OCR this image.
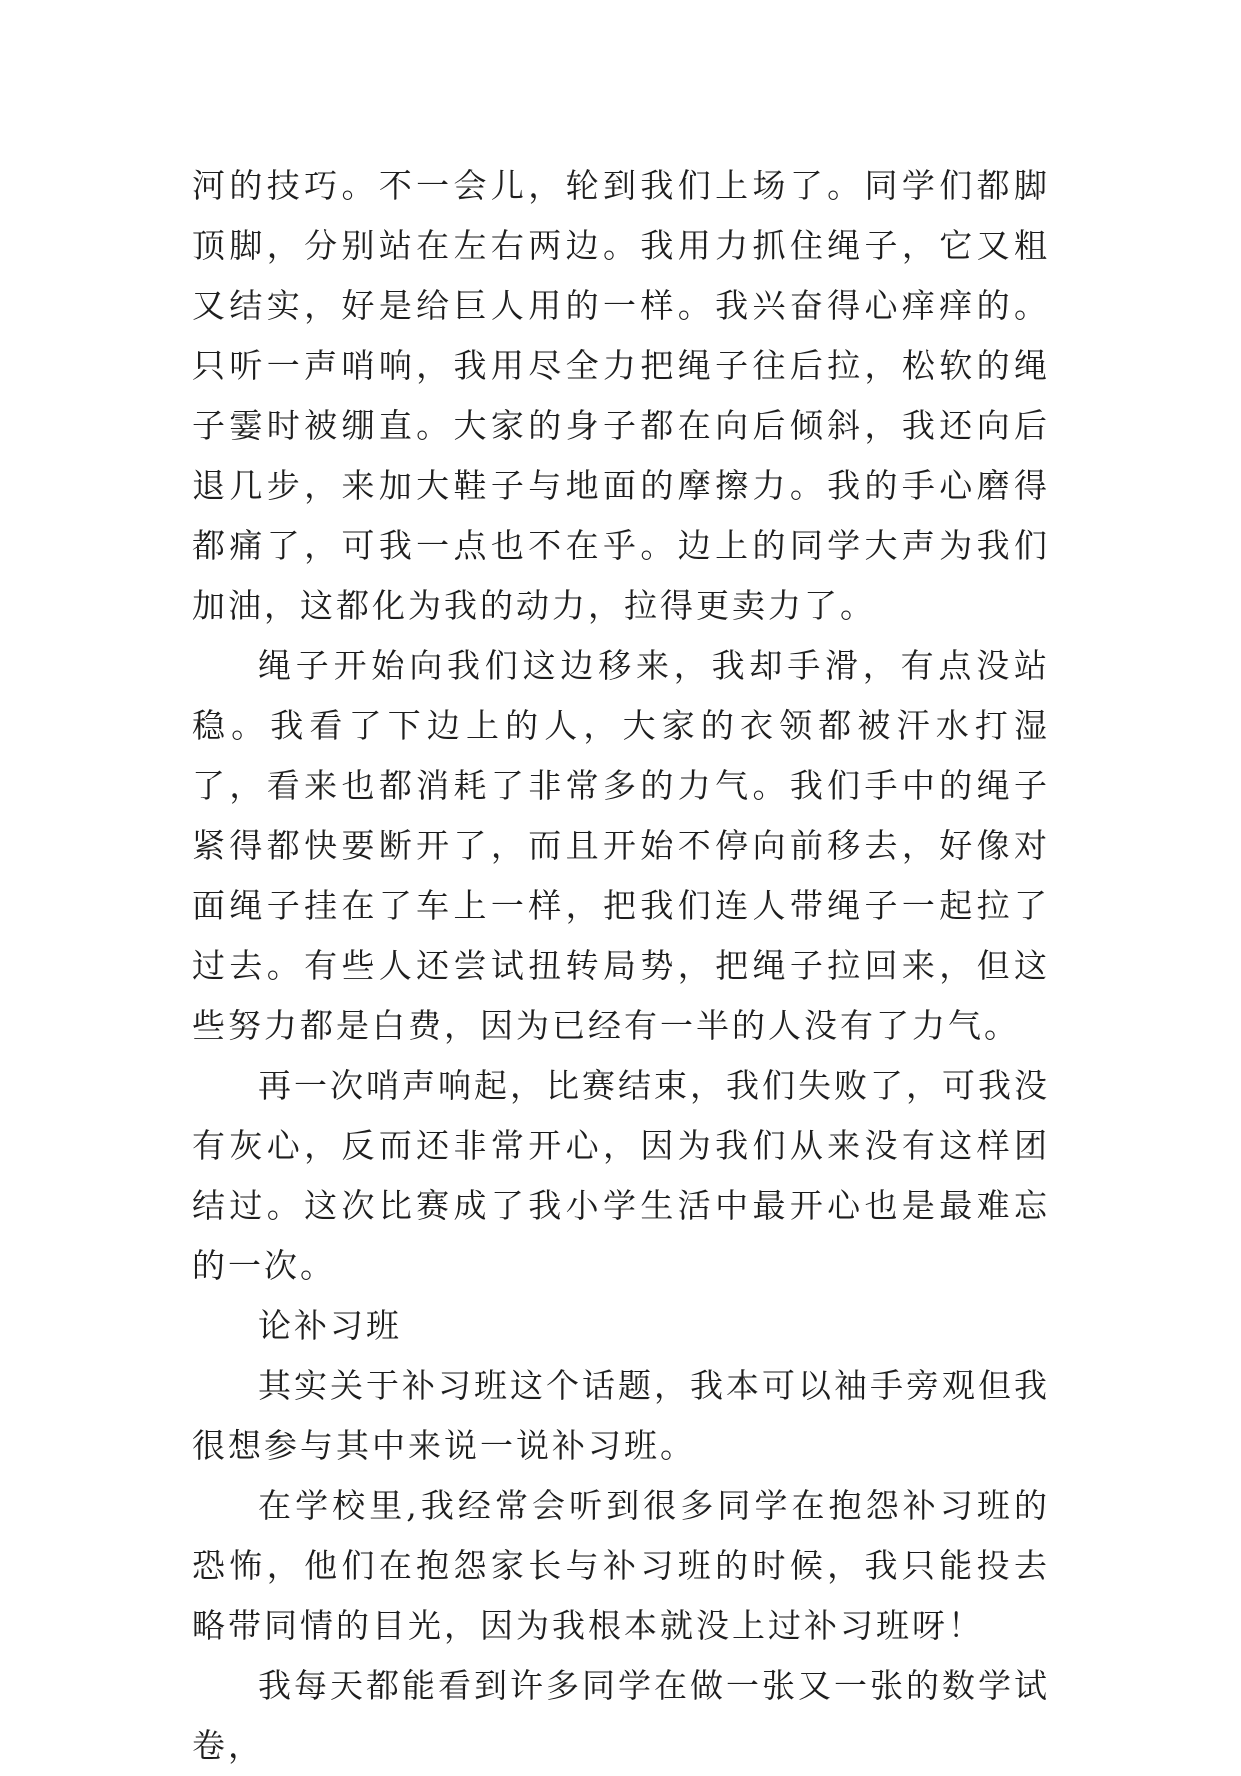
河的技巧。不一会儿，轮到我们上场了。同学们都脚顶脚，分别站在左右两边。我用力抓住绳子，它又粗又结实，好是给巨人用的一样。我兴奋得心痒痒的。只听一声哨响，我用尽全力把绳子往后拉，松软的绳子霎时被绷直。大家的身子都在向后倾斜，我还向后退几步，来加大鞋子与地面的摩擦力。我的手心磨得都痛了，可我一点也不在乎。边上的同学大声为我们加油，这都化为我的动力，拉得更卖力了。

绳子开始向我们这边移来，我却手滑，有点没站稳。我看了下边上的人，大家的衣领都被汗水打湿了，看来也都消耗了非常多的力气。我们手中的绳子紧得都快要断开了，而且开始不停向前移去，好像对面绳子挂在了车上一样，把我们连人带绳子一起拉了过去。有些人还尝试扭转局势，把绳子拉回来，但这些努力都是白费，因为已经有一半的人没有了力气。

再一次哨声响起，比赛结束，我们失败了，可我没有灰心，反而还非常开心，因为我们从来没有这样团结过。这次比赛成了我小学生活中最开心也是最难忘的一次。

论补习班

其实关于补习班这个话题，我本可以袖手旁观但我很想参与其中来说一说补习班。

在学校里,我经常会听到很多同学在抱怨补习班的恐怖，他们在抱怨家长与补习班的时候，我只能投去略带同情的目光，因为我根本就没上过补习班呀！

我每天都能看到许多同学在做一张又一张的数学试卷，
